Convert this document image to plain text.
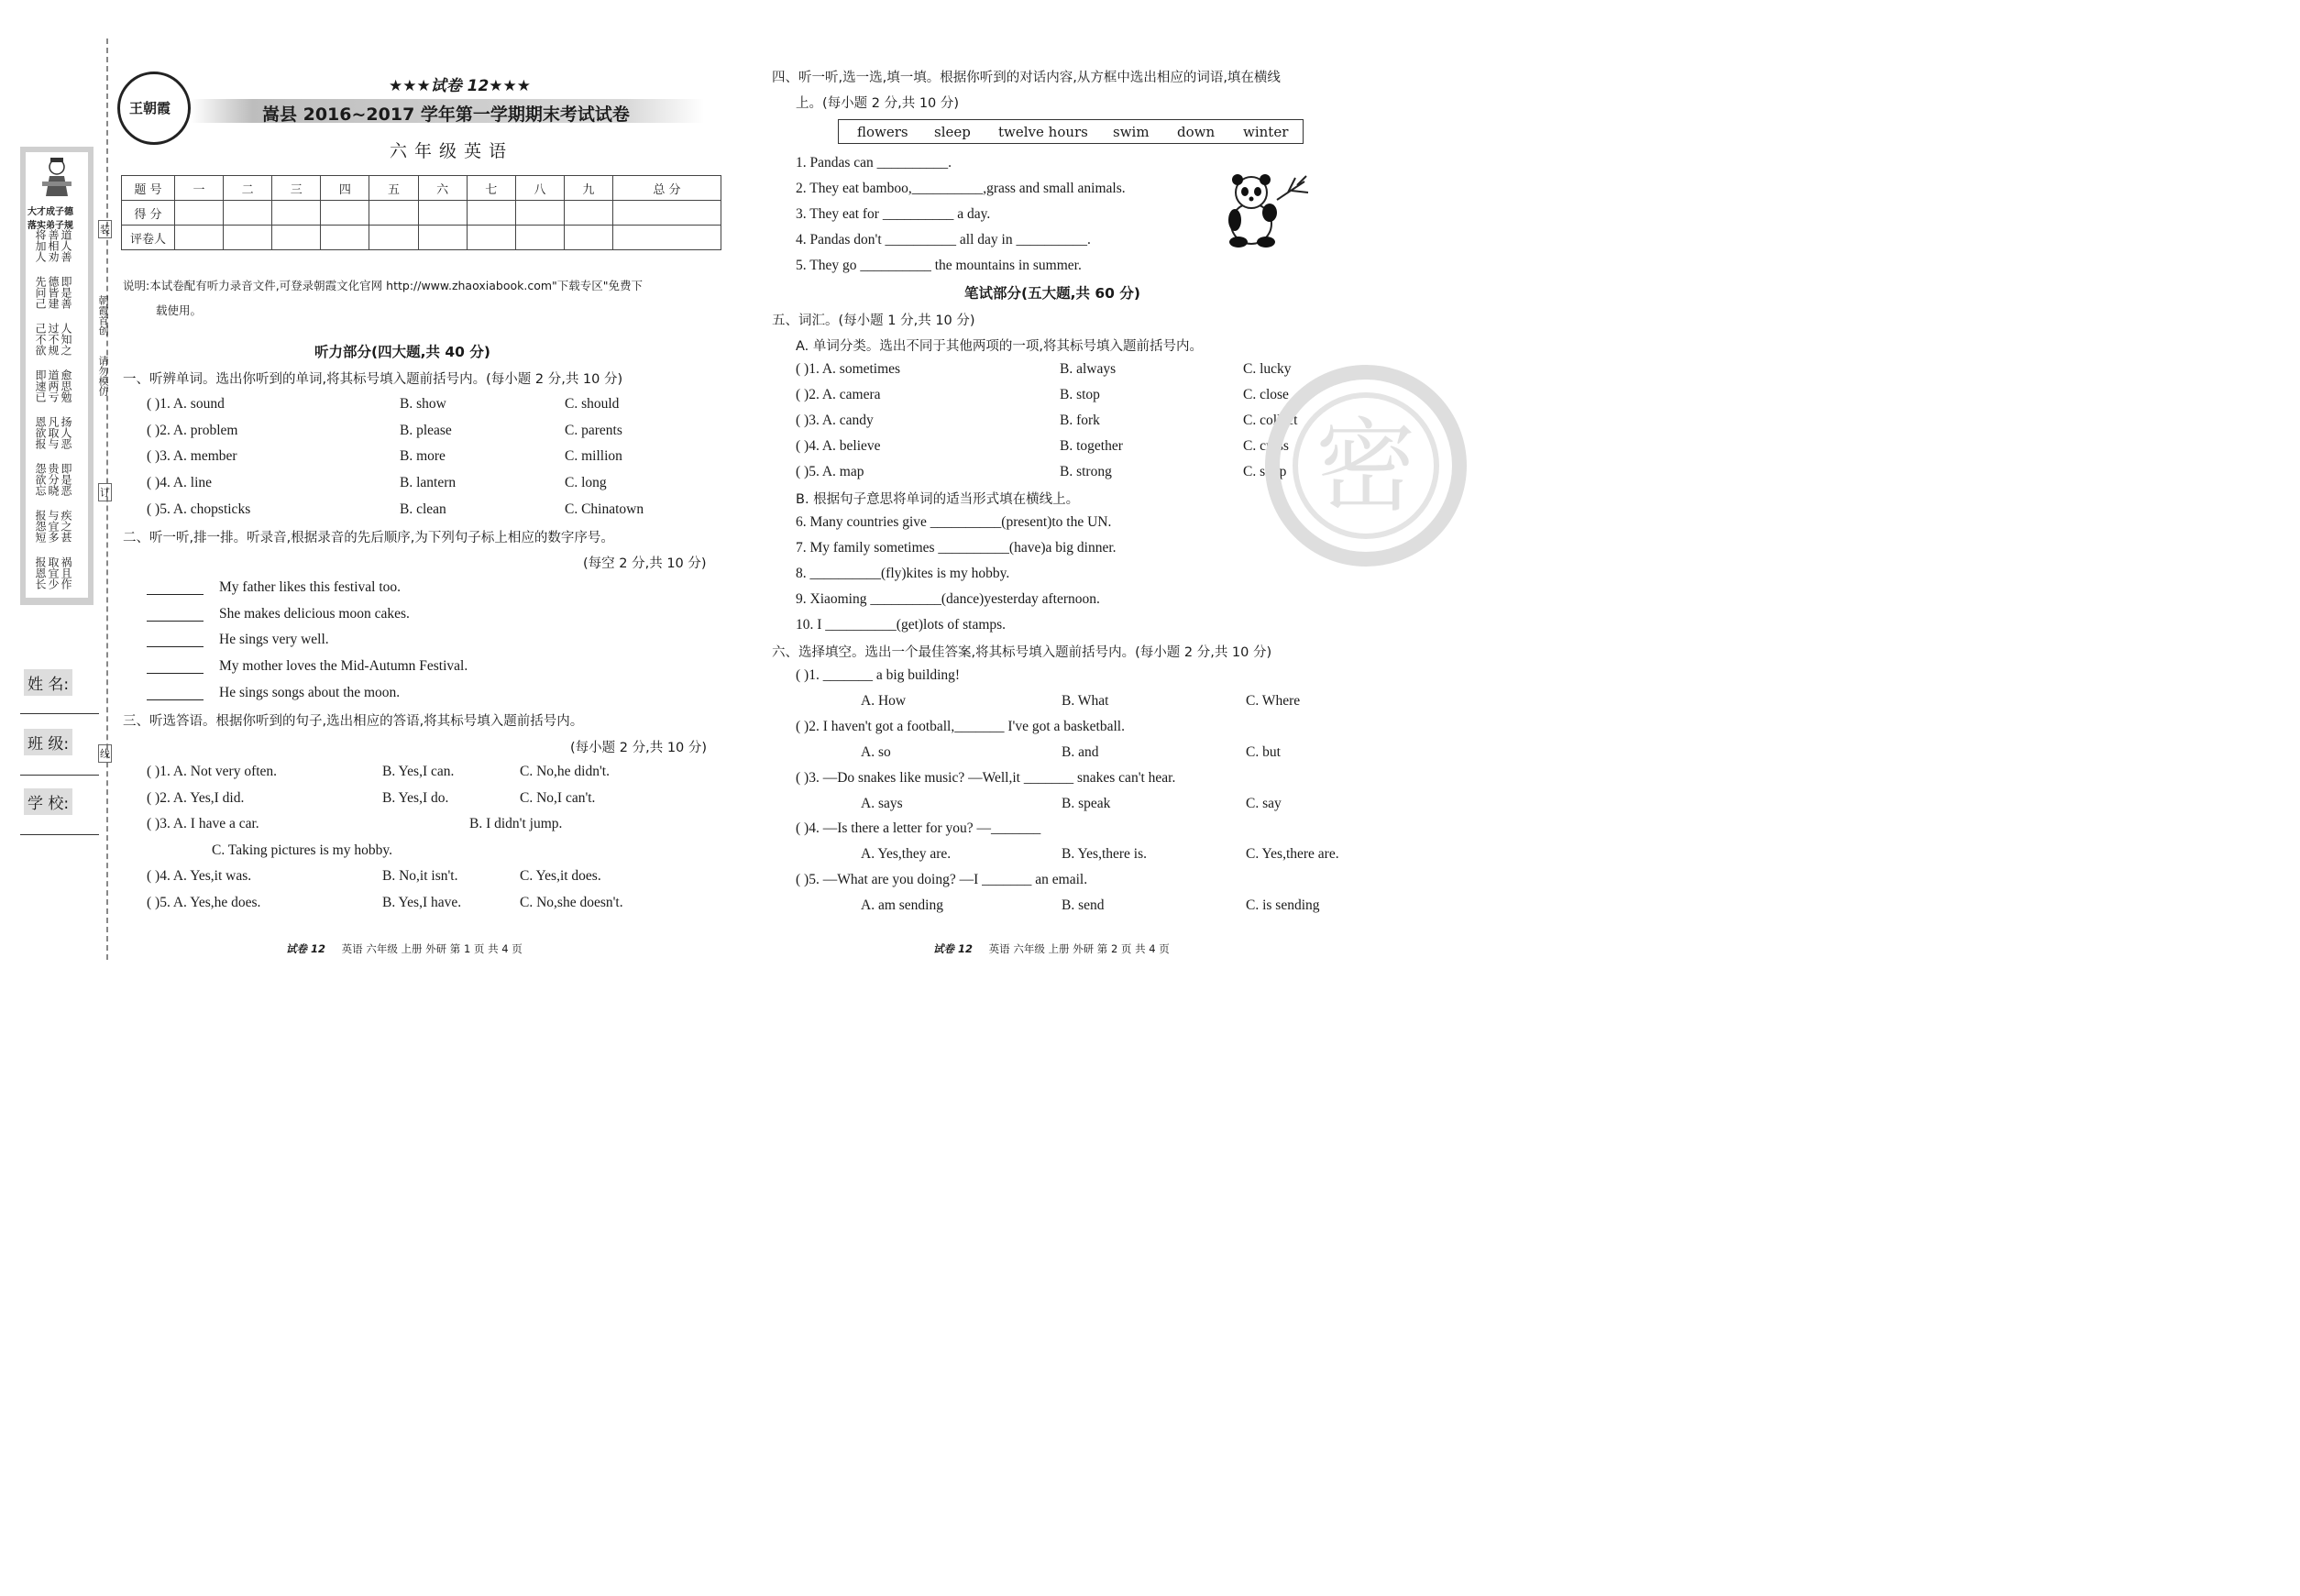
大才成子德
落实弟子规
将加人 善相劝 道人善
先问己 德皆建 即是善
己不欲 过不规 人知之
即速已 道两亏 愈思勉
恩欲报 凡取与 扬人恶
怨欲忘 贵分晓 即是恶
报怨短 与宜多 疾之甚
报恩长 取宜少 祸且作
朝霞首创
请勿模仿
装
订
线
姓 名:
班 级:
学 校:
王朝霞
★★★试卷 12★★★
嵩县 2016~2017 学年第一学期期末考试试卷
六年级英语
题 号	一	二	三	四	五	六	七	八	九	总 分
得 分										
评卷人										
说明:本试卷配有听力录音文件,可登录朝霞文化官网 http://www.zhaoxiabook.com"下载专区"免费下
载使用。
听力部分(四大题,共 40 分)
一、听辨单词。选出你听到的单词,将其标号填入题前括号内。(每小题 2 分,共 10 分)
( )1. A. sound	B. show	C. should
( )2. A. problem	B. please	C. parents
( )3. A. member	B. more	C. million
( )4. A. line	B. lantern	C. long
( )5. A. chopsticks	B. clean	C. Chinatown
二、听一听,排一排。听录音,根据录音的先后顺序,为下列句子标上相应的数字序号。
(每空 2 分,共 10 分)
My father likes this festival too.
She makes delicious moon cakes.
He sings very well.
My mother loves the Mid-Autumn Festival.
He sings songs about the moon.
三、听选答语。根据你听到的句子,选出相应的答语,将其标号填入题前括号内。
(每小题 2 分,共 10 分)
( )1. A. Not very often.	B. Yes,I can.	C. No,he didn't.
( )2. A. Yes,I did.	B. Yes,I do.	C. No,I can't.
( )3. A. I have a car.	B. I didn't jump.
C. Taking pictures is my hobby.
( )4. A. Yes,it was.	B. No,it isn't.	C. Yes,it does.
( )5. A. Yes,he does.	B. Yes,I have.	C. No,she doesn't.
四、听一听,选一选,填一填。根据你听到的对话内容,从方框中选出相应的词语,填在横线
上。(每小题 2 分,共 10 分)
flowers sleep twelve hours swim down winter
1. Pandas can __________.
2. They eat bamboo,__________,grass and small animals.
3. They eat for __________ a day.
4. Pandas don't __________ all day in __________.
5. They go __________ the mountains in summer.
笔试部分(五大题,共 60 分)
五、词汇。(每小题 1 分,共 10 分)
A. 单词分类。选出不同于其他两项的一项,将其标号填入题前括号内。
( )1. A. sometimes	B. always	C. lucky
( )2. A. camera	B. stop	C. close
( )3. A. candy	B. fork	C. collect
( )4. A. believe	B. together	C. cross
( )5. A. map	B. strong	C. shop
B. 根据句子意思将单词的适当形式填在横线上。
6. Many countries give __________(present)to the UN.
7. My family sometimes __________(have)a big dinner.
8. __________(fly)kites is my hobby.
9. Xiaoming __________(dance)yesterday afternoon.
10. I __________(get)lots of stamps.
六、选择填空。选出一个最佳答案,将其标号填入题前括号内。(每小题 2 分,共 10 分)
( )1. _______ a big building!
A. How	B. What	C. Where
( )2. I haven't got a football,_______ I've got a basketball.
A. so	B. and	C. but
( )3. —Do snakes like music? —Well,it _______ snakes can't hear.
A. says	B. speak	C. say
( )4. —Is there a letter for you? —_______
A. Yes,they are.	B. Yes,there is.	C. Yes,there are.
( )5. —What are you doing? —I _______ an email.
A. am sending	B. send	C. is sending
密
试卷 12 英语 六年级 上册 外研 第 1 页 共 4 页	试卷 12 英语 六年级 上册 外研 第 2 页 共 4 页
